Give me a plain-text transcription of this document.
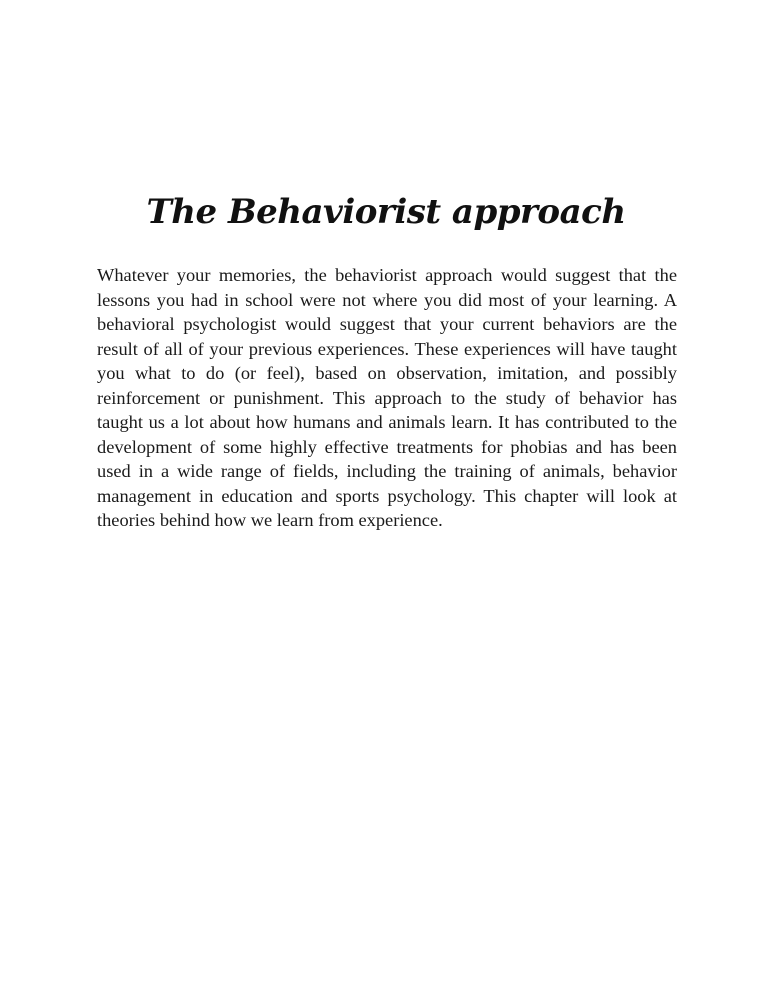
The Behaviorist approach

Whatever your memories, the behaviorist approach would suggest that the lessons you had in school were not where you did most of your learning. A behavioral psychologist would suggest that your current behaviors are the result of all of your previous experiences. These experiences will have taught you what to do (or feel), based on observation, imitation, and possibly reinforcement or punishment. This approach to the study of behavior has taught us a lot about how humans and animals learn. It has contributed to the development of some highly effective treatments for phobias and has been used in a wide range of fields, including the training of animals, behavior management in education and sports psychology. This chapter will look at theories behind how we learn from experience.
